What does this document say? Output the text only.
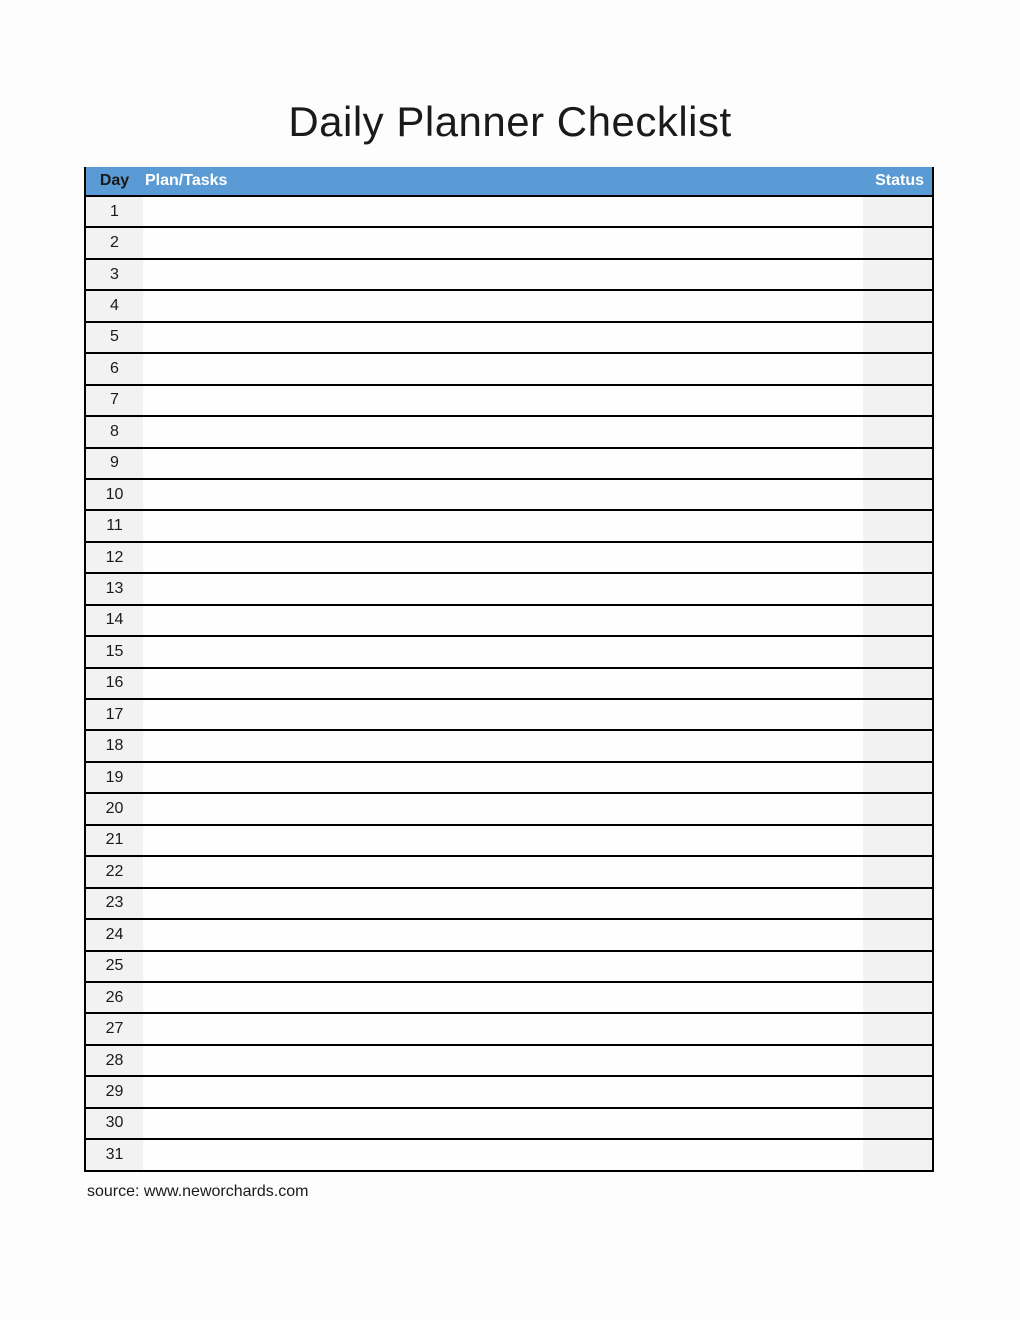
Daily Planner Checklist
Day Plan/Tasks	Status
1
2
3
4
5
6
7
8
9
10
11
12
13
14
15
16
17
18
19
20
21
22
23
24
25
26
27
28
29
30
31
source: www.neworchards.com
